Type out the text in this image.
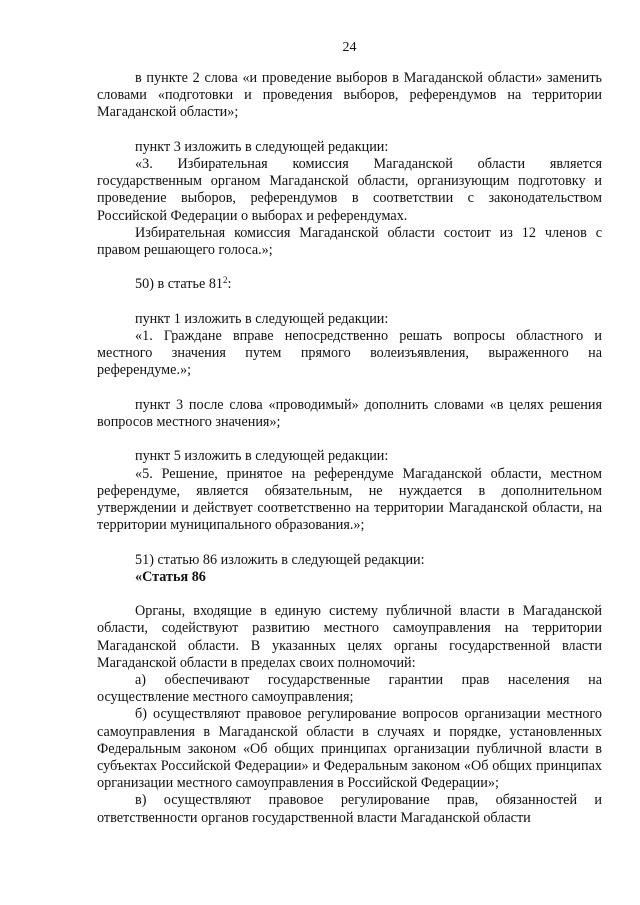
24

в пункте 2 слова «и проведение выборов в Магаданской области» заменить словами «подготовки и проведения выборов, референдумов на территории Магаданской области»;

пункт 3 изложить в следующей редакции:

«3. Избирательная комиссия Магаданской области является государственным органом Магаданской области, организующим подготовку и проведение выборов, референдумов в соответствии с законодательством Российской Федерации о выборах и референдумах.

Избирательная комиссия Магаданской области состоит из 12 членов с правом решающего голоса.»;

50) в статье $81^2$:

пункт 1 изложить в следующей редакции:

«1. Граждане вправе непосредственно решать вопросы областного и местного значения путем прямого волеизъявления, выраженного на референдуме.»;

пункт 3 после слова «проводимый» дополнить словами «в целях решения вопросов местного значения»;

пункт 5 изложить в следующей редакции:

«5. Решение, принятое на референдуме Магаданской области, местном референдуме, является обязательным, не нуждается в дополнительном утверждении и действует соответственно на территории Магаданской области, на территории муниципального образования.»;

51) статью 86 изложить в следующей редакции:

«Статья 86

Органы, входящие в единую систему публичной власти в Магаданской области, содействуют развитию местного самоуправления на территории Магаданской области. В указанных целях органы государственной власти Магаданской области в пределах своих полномочий:

а) обеспечивают государственные гарантии прав населения на осуществление местного самоуправления;

б) осуществляют правовое регулирование вопросов организации местного самоуправления в Магаданской области в случаях и порядке, установленных Федеральным законом «Об общих принципах организации публичной власти в субъектах Российской Федерации» и Федеральным законом «Об общих принципах организации местного самоуправления в Российской Федерации»;

в) осуществляют правовое регулирование прав, обязанностей и ответственности органов государственной власти Магаданской области
